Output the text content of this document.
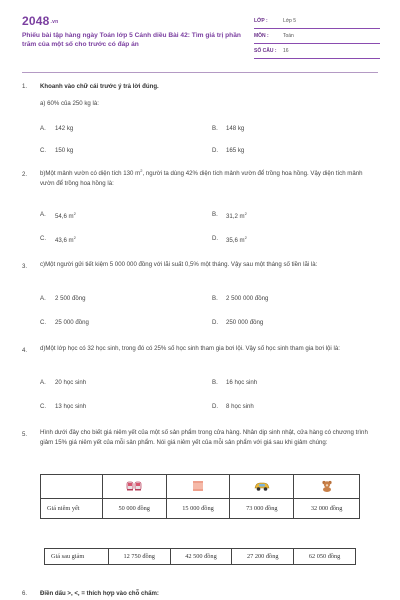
2048.vn
Phiếu bài tập hàng ngày Toán lớp 5 Cánh diều Bài 42: Tìm giá trị phần trăm của một số cho trước có đáp án
LỚP :	Lớp 5
MÔN :	Toán
SỐ CÂU : 16
1. Khoanh vào chữ cái trước ý trả lời đúng.
a) 60% của 250 kg là:
A. 142 kg	B. 148 kg
C. 150 kg	D. 165 kg
2. b)Một mảnh vườn có diện tích 130 $m^2$, người ta dùng 42% diện tích mảnh vườn để trồng hoa hồng. Vậy diện tích mảnh vườn để trồng hoa hồng là:
A. 54,6 $m^2$	B. 31,2 $m^2$
C. 43,6 $m^2$	D. 35,6 $m^2$
3. c)Một người gửi tiết kiệm 5 000 000 đồng với lãi suất 0,5% một tháng. Vậy sau một tháng số tiền lãi là:
A. 2 500 đồng	B. 2 500 000 đồng
C. 25 000 đồng	D. 250 000 đồng
4. d)Một lớp học có 32 học sinh, trong đó có 25% số học sinh tham gia bơi lội. Vậy số học sinh tham gia bơi lội là:
A. 20 học sinh	B. 16 học sinh
C. 13 học sinh	D. 8 học sinh
5. Hình dưới đây cho biết giá niêm yết của một số sản phẩm trong cửa hàng. Nhân dịp sinh nhật, cửa hàng có chương trình giảm 15% giá niêm yết của mỗi sản phẩm. Nói giá niêm yết của mỗi sản phẩm với giá sau khi giảm chúng:

Giá niêm yết	50 000 đồng	15 000 đồng	73 000 đồng	32 000 đồng
Giá sau giảm	12 750 đồng	42 500 đồng	27 200 đồng	62 050 đồng
6. Điền dấu >, <, = thích hợp vào chỗ chấm:
